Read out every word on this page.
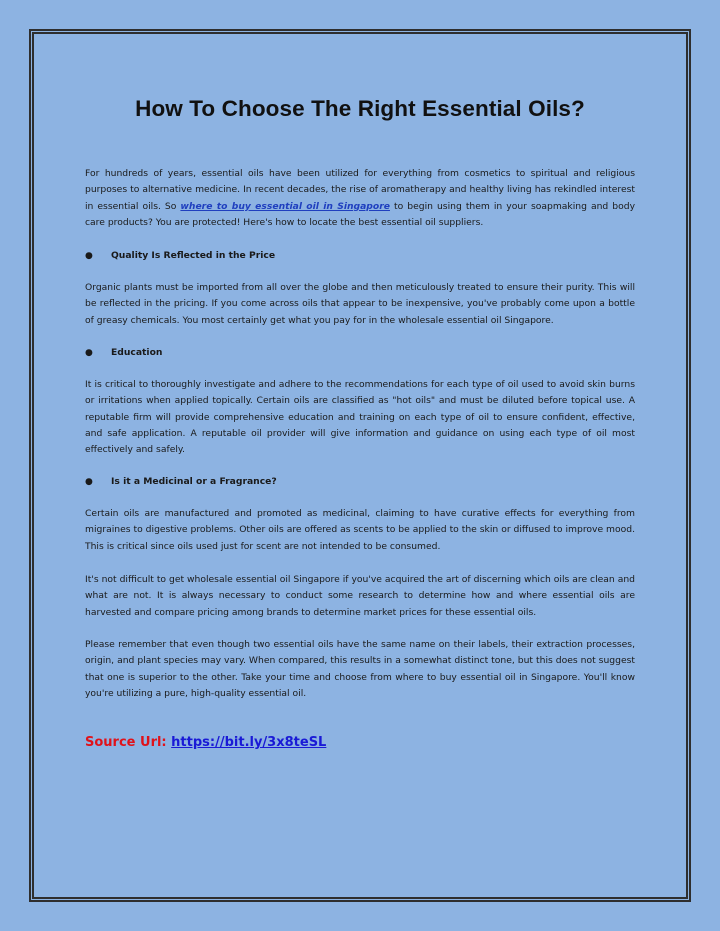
How To Choose The Right Essential Oils?

For hundreds of years, essential oils have been utilized for everything from cosmetics to spiritual and religious purposes to alternative medicine. In recent decades, the rise of aromatherapy and healthy living has rekindled interest in essential oils. So where to buy essential oil in Singapore to begin using them in your soapmaking and body care products? You are protected! Here's how to locate the best essential oil suppliers.

● Quality Is Reflected in the Price

Organic plants must be imported from all over the globe and then meticulously treated to ensure their purity. This will be reflected in the pricing. If you come across oils that appear to be inexpensive, you've probably come upon a bottle of greasy chemicals. You most certainly get what you pay for in the wholesale essential oil Singapore.

● Education

It is critical to thoroughly investigate and adhere to the recommendations for each type of oil used to avoid skin burns or irritations when applied topically. Certain oils are classified as "hot oils" and must be diluted before topical use. A reputable firm will provide comprehensive education and training on each type of oil to ensure confident, effective, and safe application. A reputable oil provider will give information and guidance on using each type of oil most effectively and safely.

● Is it a Medicinal or a Fragrance?

Certain oils are manufactured and promoted as medicinal, claiming to have curative effects for everything from migraines to digestive problems. Other oils are offered as scents to be applied to the skin or diffused to improve mood. This is critical since oils used just for scent are not intended to be consumed.

It's not difficult to get wholesale essential oil Singapore if you've acquired the art of discerning which oils are clean and what are not. It is always necessary to conduct some research to determine how and where essential oils are harvested and compare pricing among brands to determine market prices for these essential oils.

Please remember that even though two essential oils have the same name on their labels, their extraction processes, origin, and plant species may vary. When compared, this results in a somewhat distinct tone, but this does not suggest that one is superior to the other. Take your time and choose from where to buy essential oil in Singapore. You'll know you're utilizing a pure, high-quality essential oil.

Source Url: https://bit.ly/3x8teSL
